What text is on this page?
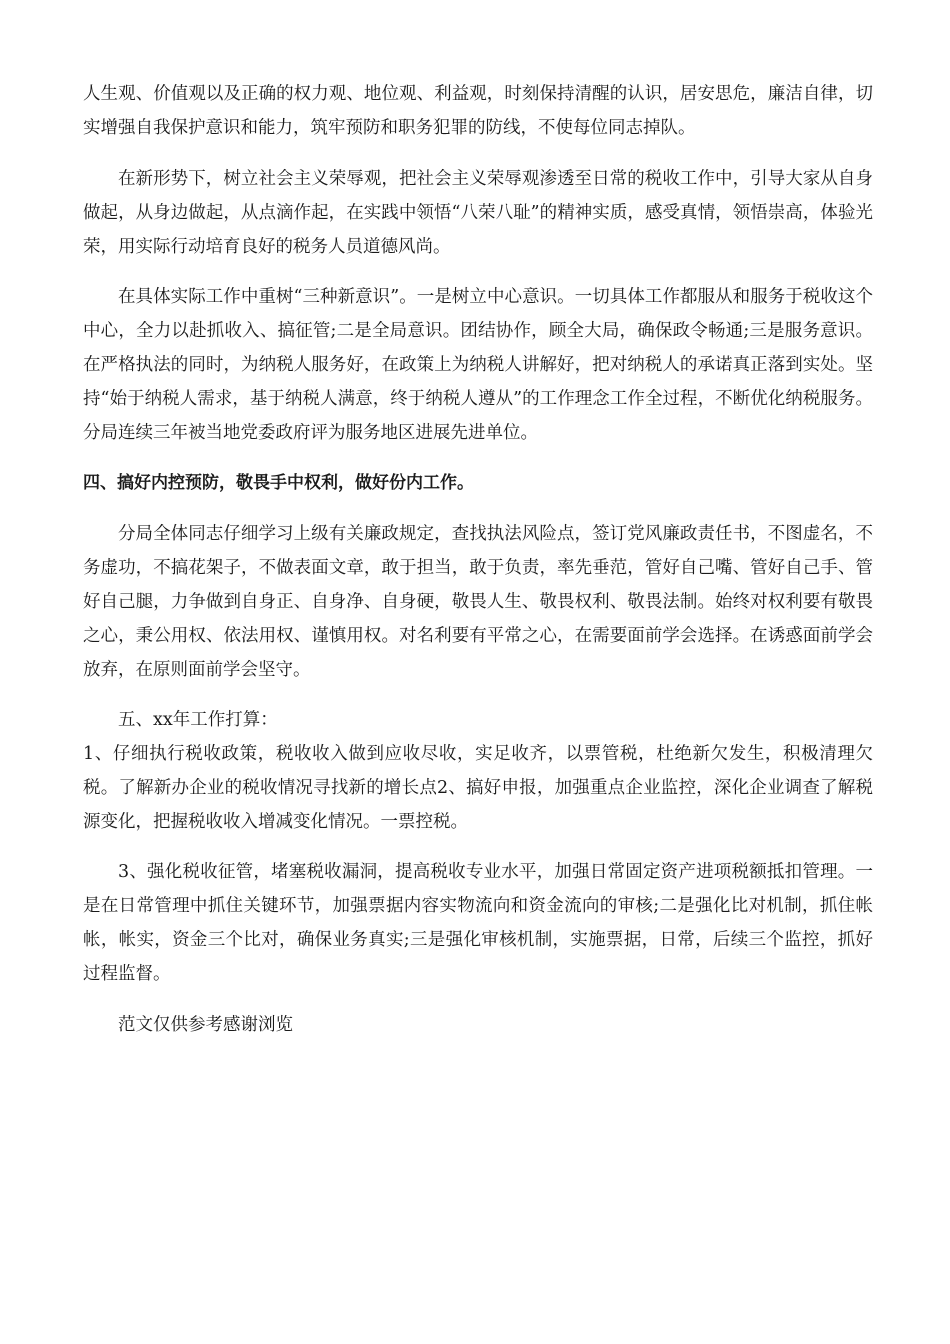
人生观、价值观以及正确的权力观、地位观、利益观，时刻保持清醒的认识，居安思危，廉洁自律，切实增强自我保护意识和能力，筑牢预防和职务犯罪的防线，不使每位同志掉队。

在新形势下，树立社会主义荣辱观，把社会主义荣辱观渗透至日常的税收工作中，引导大家从自身做起，从身边做起，从点滴作起，在实践中领悟“八荣八耻”的精神实质，感受真情，领悟崇高，体验光荣，用实际行动培育良好的税务人员道德风尚。

在具体实际工作中重树“三种新意识”。一是树立中心意识。一切具体工作都服从和服务于税收这个中心，全力以赴抓收入、搞征管;二是全局意识。团结协作，顾全大局，确保政令畅通;三是服务意识。在严格执法的同时，为纳税人服务好，在政策上为纳税人讲解好，把对纳税人的承诺真正落到实处。坚持“始于纳税人需求，基于纳税人满意，终于纳税人遵从”的工作理念工作全过程，不断优化纳税服务。分局连续三年被当地党委政府评为服务地区进展先进单位。

四、搞好内控预防，敬畏手中权利，做好份内工作。

分局全体同志仔细学习上级有关廉政规定，查找执法风险点，签订党风廉政责任书，不图虚名，不务虚功，不搞花架子，不做表面文章，敢于担当，敢于负责，率先垂范，管好自己嘴、管好自己手、管好自己腿，力争做到自身正、自身净、自身硬，敬畏人生、敬畏权利、敬畏法制。始终对权利要有敬畏之心，秉公用权、依法用权、谨慎用权。对名利要有平常之心，在需要面前学会选择。在诱惑面前学会放弃，在原则面前学会坚守。

五、xx年工作打算：

1、仔细执行税收政策，税收收入做到应收尽收，实足收齐，以票管税，杜绝新欠发生，积极清理欠税。了解新办企业的税收情况寻找新的增长点2、搞好申报，加强重点企业监控，深化企业调查了解税源变化，把握税收收入增减变化情况。一票控税。

3、强化税收征管，堵塞税收漏洞，提高税收专业水平，加强日常固定资产进项税额抵扣管理。一是在日常管理中抓住关键环节，加强票据内容实物流向和资金流向的审核;二是强化比对机制，抓住帐帐，帐实，资金三个比对，确保业务真实;三是强化审核机制，实施票据，日常，后续三个监控，抓好过程监督。

范文仅供参考感谢浏览
